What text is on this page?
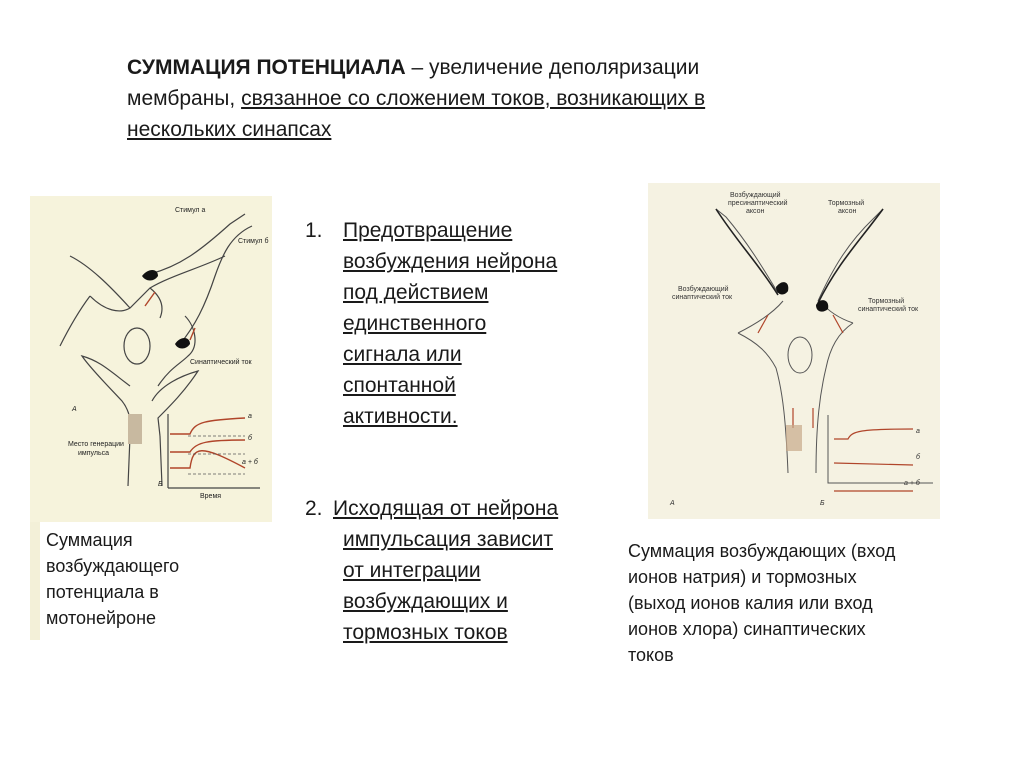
СУММАЦИЯ ПОТЕНЦИАЛА – увеличение деполяризации
мембраны, связанное со сложением токов, возникающих в
нескольких синапсах
Стимул а
Стимул б
Синаптический ток
Место генерации
импульса
Время
А
Б
а
б
а + б
1. Предотвращение
возбуждения нейрона
под действием
единственного
сигнала или
спонтанной
активности.
2. Исходящая от нейрона
импульсация зависит
от интеграции
возбуждающих и
тормозных токов
Возбуждающий
пресинаптический
аксон
Тормозный
аксон
Возбуждающий
синаптический ток
Тормозный
синаптический ток
А	Б
а
б
а + б
Суммация
возбуждающего
потенциала в
мотонейроне
Суммация возбуждающих (вход
ионов натрия) и тормозных
(выход ионов калия или вход
ионов хлора) синаптических
токов
